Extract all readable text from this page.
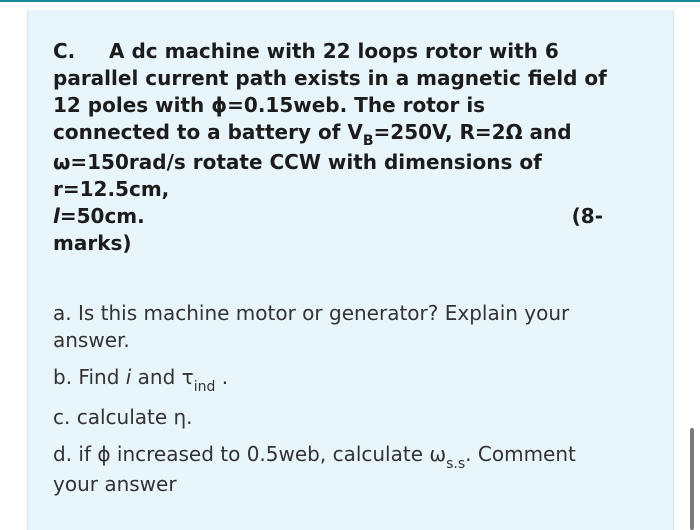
C. A dc machine with 22 loops rotor with 6
parallel current path exists in a magnetic field of
12 poles with ϕ=0.15web. The rotor is
connected to a battery of $V_B=250V$, R=2Ω and
ω=150rad/s rotate CCW with dimensions of
r=12.5cm,
l=50cm.	(8-
marks)
a. Is this machine motor or generator? Explain your
answer.
b. Find i and $\tau_{ind}$ .
c. calculate η.
d. if ϕ increased to 0.5web, calculate $\omega_{s.s}$. Comment
your answer
